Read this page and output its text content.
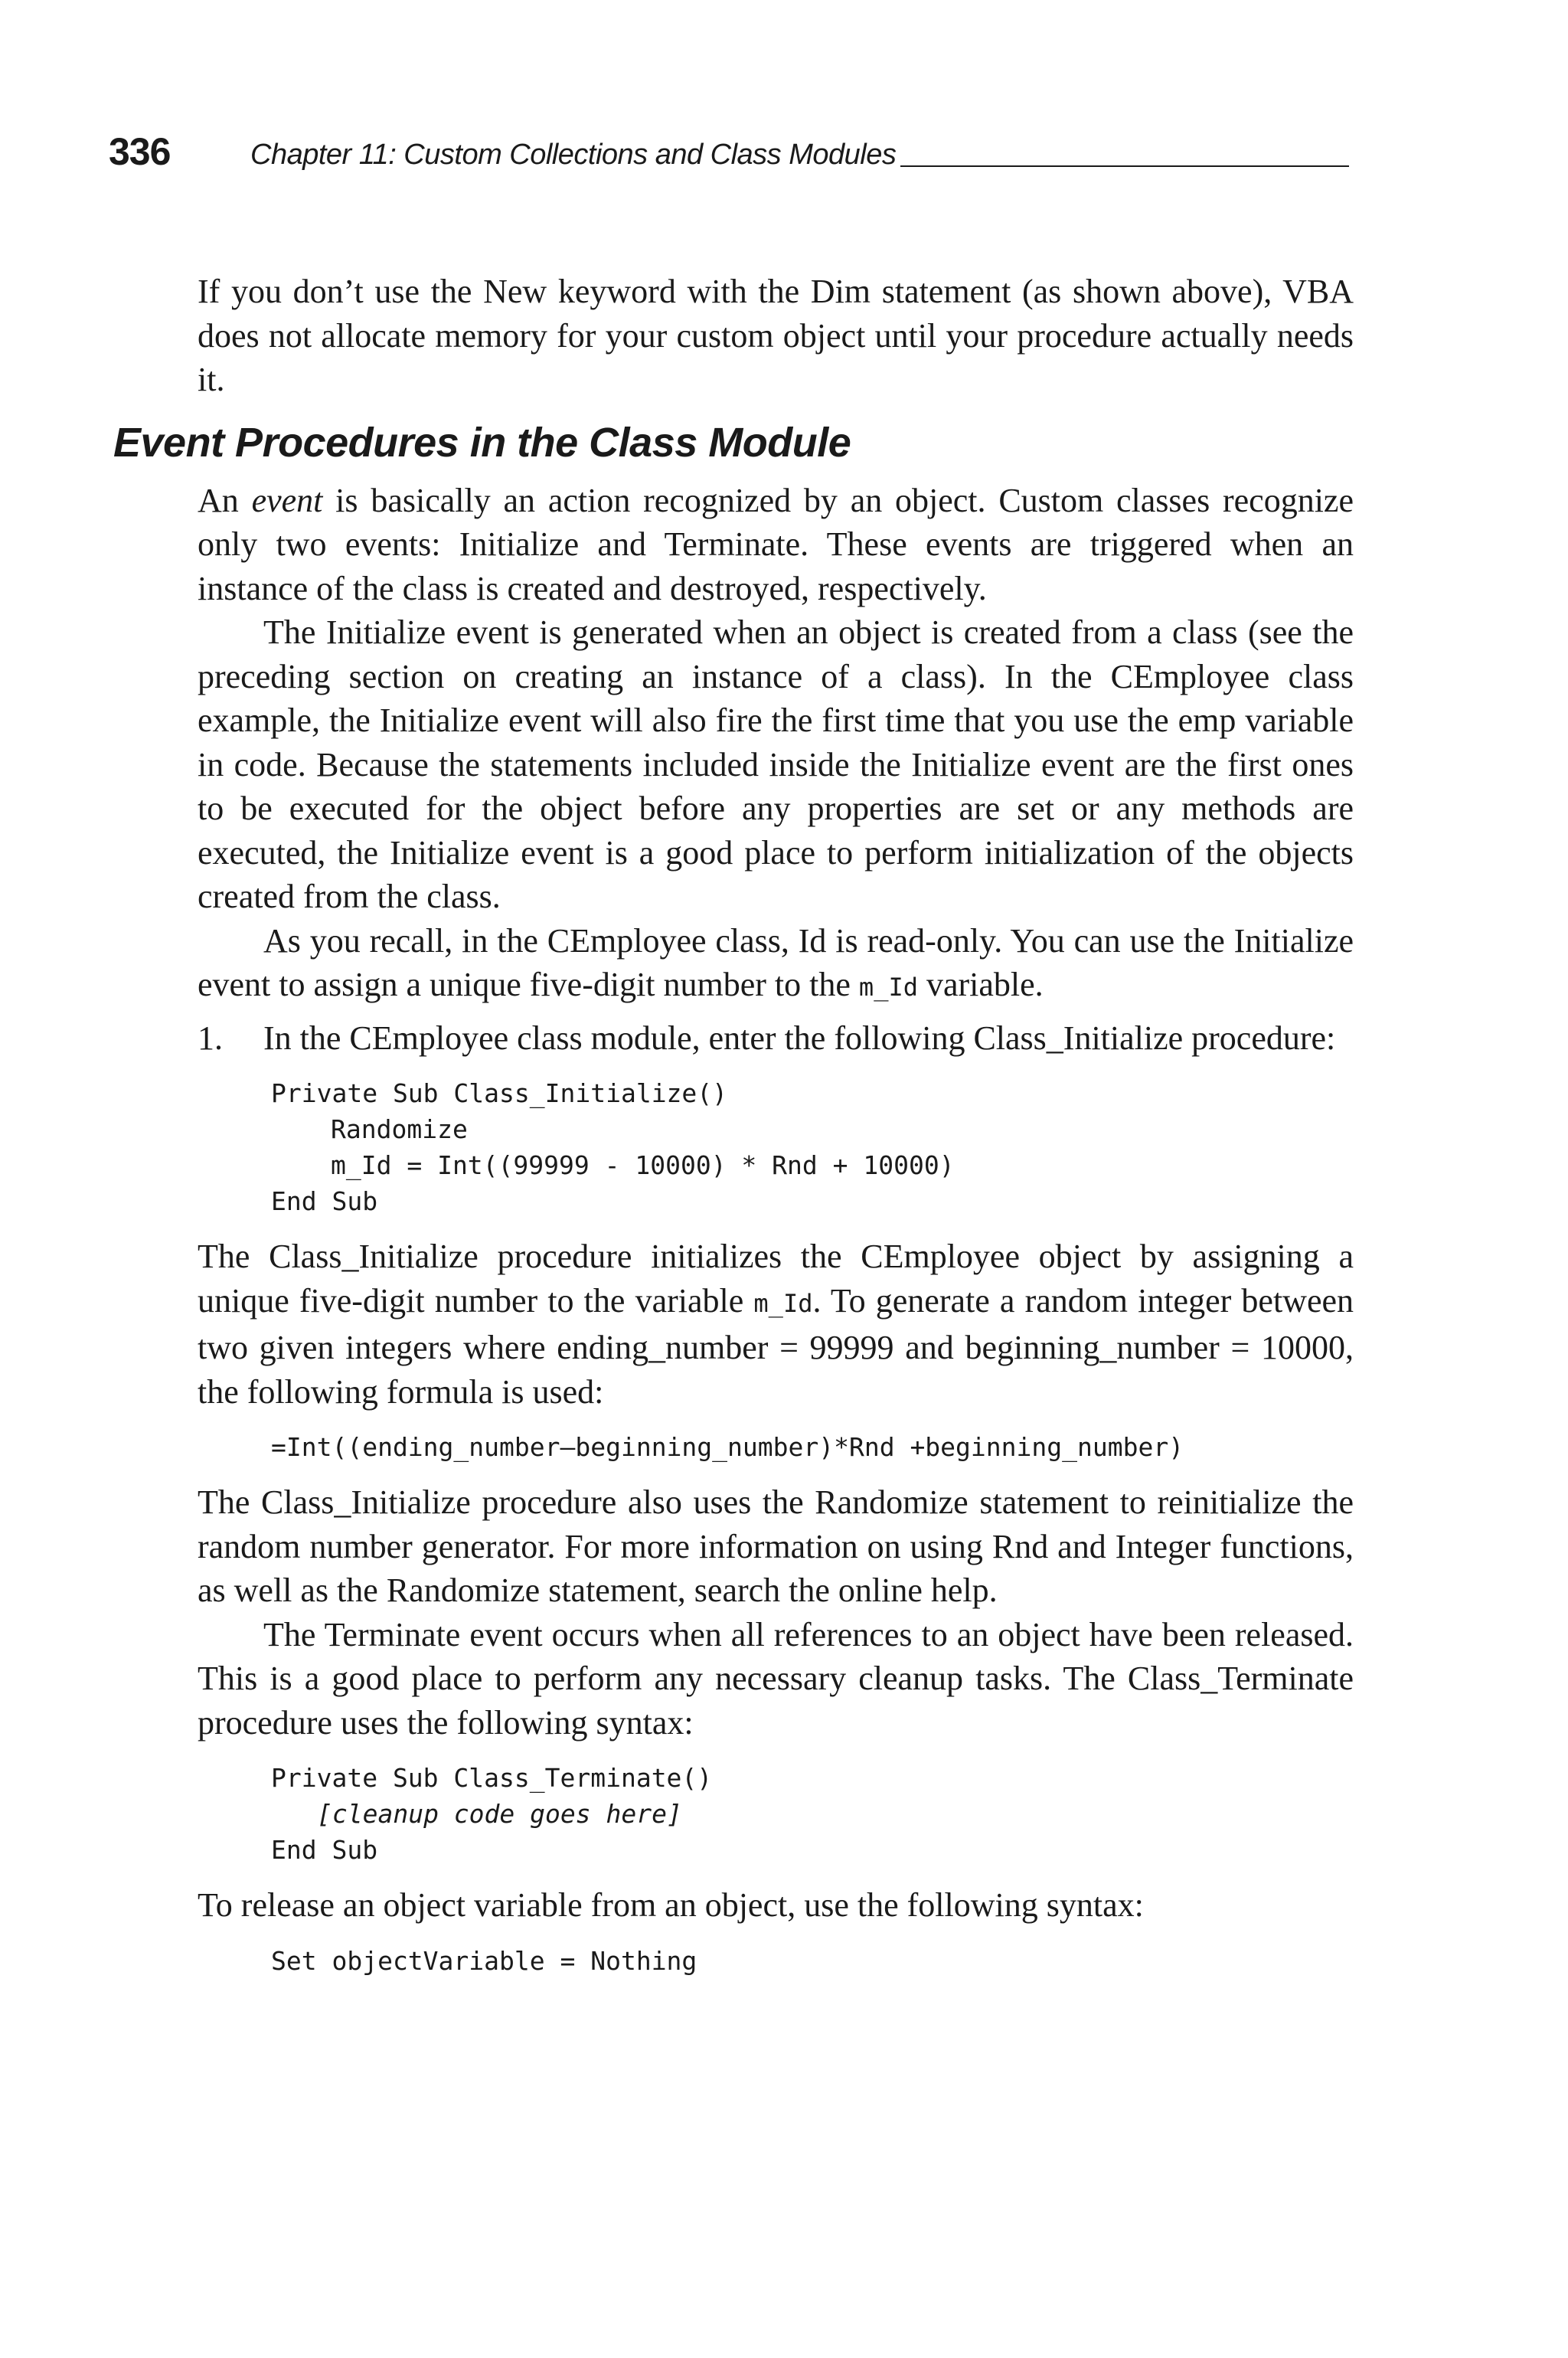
336	Chapter 11: Custom Collections and Class Modules

If you don’t use the New keyword with the Dim statement (as shown above), VBA does not allocate memory for your custom object until your procedure actually needs it.

Event Procedures in the Class Module

An event is basically an action recognized by an object. Custom classes recognize only two events: Initialize and Terminate. These events are triggered when an instance of the class is created and destroyed, respectively.

The Initialize event is generated when an object is created from a class (see the preceding section on creating an instance of a class). In the CEmployee class example, the Initialize event will also fire the first time that you use the emp variable in code. Because the statements included inside the Initialize event are the first ones to be executed for the object before any properties are set or any methods are executed, the Initialize event is a good place to perform initialization of the objects created from the class.

As you recall, in the CEmployee class, Id is read-only. You can use the Initialize event to assign a unique five-digit number to the m_Id variable.

1. In the CEmployee class module, enter the following Class_Initialize procedure:

Private Sub Class_Initialize()
Randomize
m_Id = Int((99999 - 10000) * Rnd + 10000)
End Sub

The Class_Initialize procedure initializes the CEmployee object by assigning a unique five-digit number to the variable m_Id. To generate a random integer between two given integers where ending_number = 99999 and beginning_number = 10000, the following formula is used:

=Int((ending_number–beginning_number)*Rnd +beginning_number)

The Class_Initialize procedure also uses the Randomize statement to reinitialize the random number generator. For more information on using Rnd and Integer functions, as well as the Randomize statement, search the online help.

The Terminate event occurs when all references to an object have been released. This is a good place to perform any necessary cleanup tasks. The Class_Terminate procedure uses the following syntax:

Private Sub Class_Terminate()
[cleanup code goes here]
End Sub

To release an object variable from an object, use the following syntax:

Set objectVariable = Nothing
